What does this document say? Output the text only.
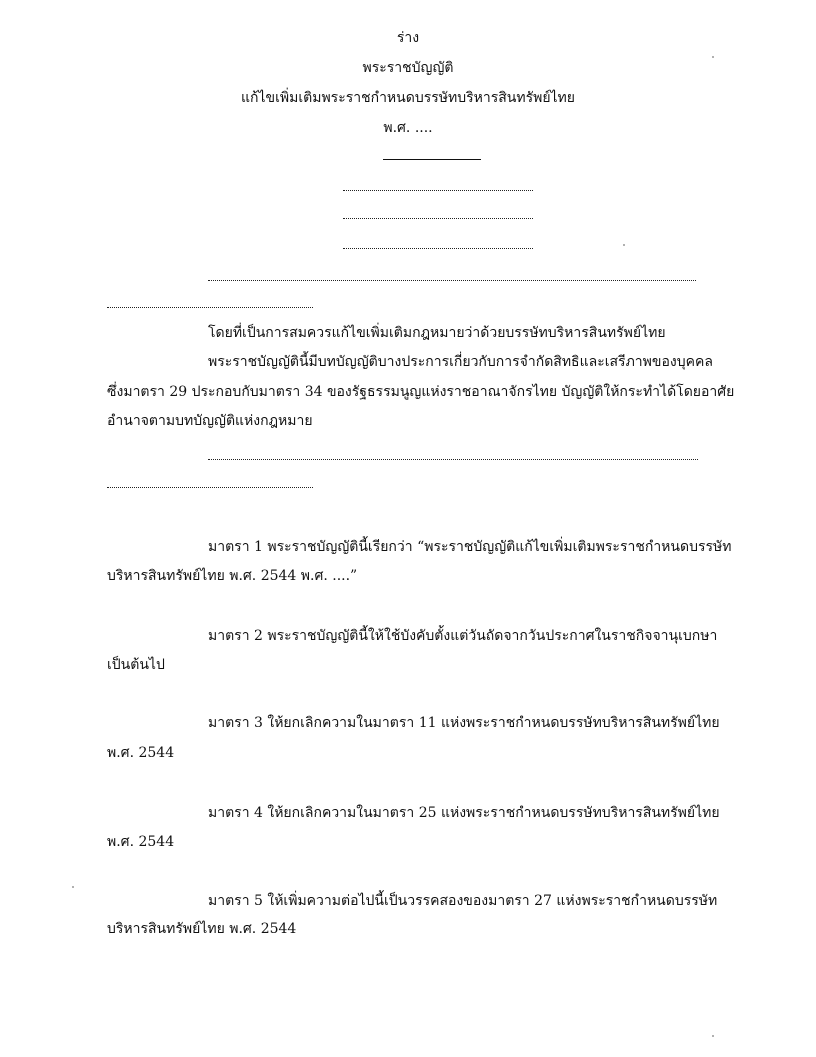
ร่าง
พระราชบัญญัติ
แก้ไขเพิ่มเติมพระราชกำหนดบรรษัทบริหารสินทรัพย์ไทย
พ.ศ. ....
โดยที่เป็นการสมควรแก้ไขเพิ่มเติมกฎหมายว่าด้วยบรรษัทบริหารสินทรัพย์ไทย
พระราชบัญญัตินี้มีบทบัญญัติบางประการเกี่ยวกับการจำกัดสิทธิและเสรีภาพของบุคคล
ซึ่งมาตรา 29 ประกอบกับมาตรา 34 ของรัฐธรรมนูญแห่งราชอาณาจักรไทย บัญญัติให้กระทำได้โดยอาศัย
อำนาจตามบทบัญญัติแห่งกฎหมาย
มาตรา 1 พระราชบัญญัตินี้เรียกว่า “พระราชบัญญัติแก้ไขเพิ่มเติมพระราชกำหนดบรรษัท
บริหารสินทรัพย์ไทย พ.ศ. 2544 พ.ศ. ....”
มาตรา 2 พระราชบัญญัตินี้ให้ใช้บังคับตั้งแต่วันถัดจากวันประกาศในราชกิจจานุเบกษา
เป็นต้นไป
มาตรา 3 ให้ยกเลิกความในมาตรา 11 แห่งพระราชกำหนดบรรษัทบริหารสินทรัพย์ไทย
พ.ศ. 2544
มาตรา 4 ให้ยกเลิกความในมาตรา 25 แห่งพระราชกำหนดบรรษัทบริหารสินทรัพย์ไทย
พ.ศ. 2544
มาตรา 5 ให้เพิ่มความต่อไปนี้เป็นวรรคสองของมาตรา 27 แห่งพระราชกำหนดบรรษัท
บริหารสินทรัพย์ไทย พ.ศ. 2544
